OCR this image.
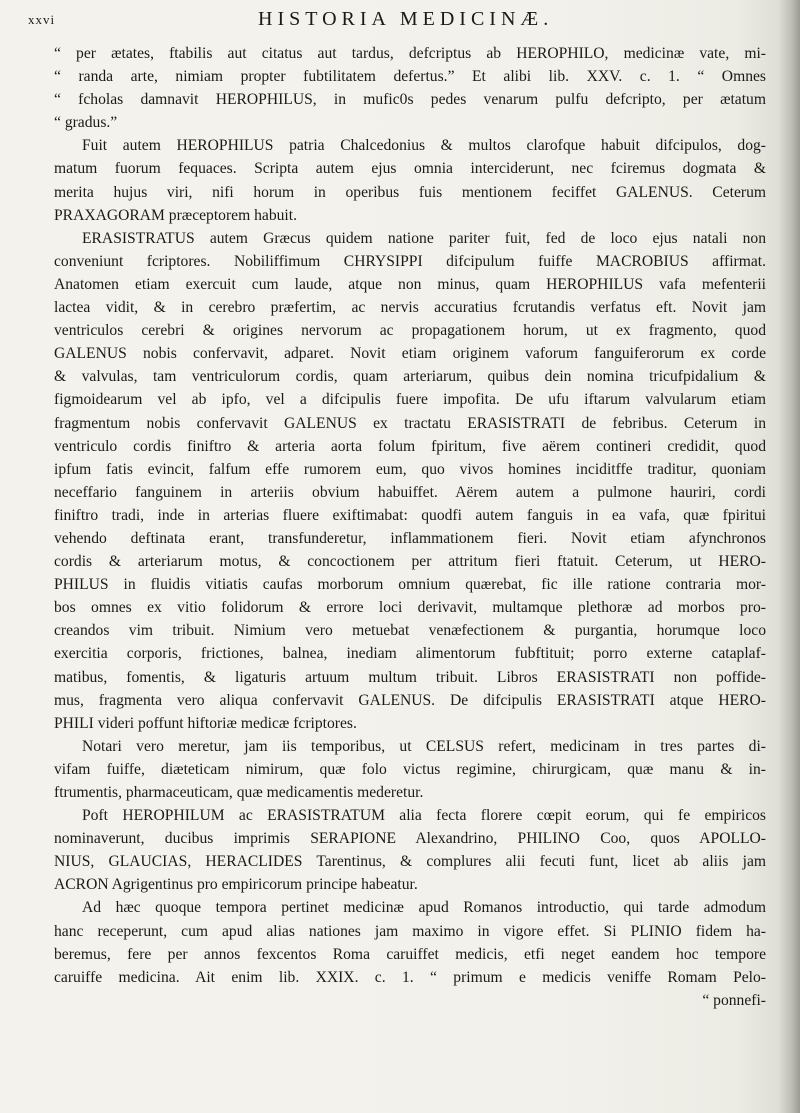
xxvi	HISTORIA MEDICINÆ.
“ per ætates, ftabilis aut citatus aut tardus, defcriptus ab HEROPHILO, medicinæ vate, mi-
“ randa arte, nimiam propter fubtilitatem defertus.” Et alibi lib. XXV. c. 1. “ Omnes
“ fcholas damnavit HEROPHILUS, in mufic0s pedes venarum pulfu defcripto, per ætatum
“ gradus.”
Fuit autem HEROPHILUS patria Chalcedonius & multos clarofque habuit difcipulos, dog-
matum fuorum fequaces. Scripta autem ejus omnia interciderunt, nec fciremus dogmata &
merita hujus viri, nifi horum in operibus fuis mentionem feciffet GALENUS. Ceterum
PRAXAGORAM præceptorem habuit.
ERASISTRATUS autem Græcus quidem natione pariter fuit, fed de loco ejus natali non
conveniunt fcriptores. Nobiliffimum CHRYSIPPI difcipulum fuiffe MACROBIUS affirmat.
Anatomen etiam exercuit cum laude, atque non minus, quam HEROPHILUS vafa mefenterii
lactea vidit, & in cerebro præfertim, ac nervis accuratius fcrutandis verfatus eft. Novit jam
ventriculos cerebri & origines nervorum ac propagationem horum, ut ex fragmento, quod
GALENUS nobis confervavit, adparet. Novit etiam originem vaforum fanguiferorum ex corde
& valvulas, tam ventriculorum cordis, quam arteriarum, quibus dein nomina tricufpidalium &
figmoidearum vel ab ipfo, vel a difcipulis fuere impofita. De ufu iftarum valvularum etiam
fragmentum nobis confervavit GALENUS ex tractatu ERASISTRATI de febribus. Ceterum in
ventriculo cordis finiftro & arteria aorta folum fpiritum, five aërem contineri credidit, quod
ipfum fatis evincit, falfum effe rumorem eum, quo vivos homines inciditffe traditur, quoniam
neceffario fanguinem in arteriis obvium habuiffet. Aërem autem a pulmone hauriri, cordi
finiftro tradi, inde in arterias fluere exiftimabat: quodfi autem fanguis in ea vafa, quæ fpiritui
vehendo deftinata erant, transfunderetur, inflammationem fieri. Novit etiam afynchronos
cordis & arteriarum motus, & concoctionem per attritum fieri ftatuit. Ceterum, ut HERO-
PHILUS in fluidis vitiatis caufas morborum omnium quærebat, fic ille ratione contraria mor-
bos omnes ex vitio folidorum & errore loci derivavit, multamque plethoræ ad morbos pro-
creandos vim tribuit. Nimium vero metuebat venæfectionem & purgantia, horumque loco
exercitia corporis, frictiones, balnea, inediam alimentorum fubftituit; porro externe cataplaf-
matibus, fomentis, & ligaturis artuum multum tribuit. Libros ERASISTRATI non poffide-
mus, fragmenta vero aliqua confervavit GALENUS. De difcipulis ERASISTRATI atque HERO-
PHILI videri poffunt hiftoriæ medicæ fcriptores.
Notari vero meretur, jam iis temporibus, ut CELSUS refert, medicinam in tres partes di-
vifam fuiffe, diæteticam nimirum, quæ folo victus regimine, chirurgicam, quæ manu & in-
ftrumentis, pharmaceuticam, quæ medicamentis mederetur.
Poft HEROPHILUM ac ERASISTRATUM alia fecta florere cœpit eorum, qui fe empiricos
nominaverunt, ducibus imprimis SERAPIONE Alexandrino, PHILINO Coo, quos APOLLO-
NIUS, GLAUCIAS, HERACLIDES Tarentinus, & complures alii fecuti funt, licet ab aliis jam
ACRON Agrigentinus pro empiricorum principe habeatur.
Ad hæc quoque tempora pertinet medicinæ apud Romanos introductio, qui tarde admodum
hanc receperunt, cum apud alias nationes jam maximo in vigore effet. Si PLINIO fidem ha-
beremus, fere per annos fexcentos Roma caruiffet medicis, etfi neget eandem hoc tempore
caruiffe medicina. Ait enim lib. XXIX. c. 1. “ primum e medicis veniffe Romam Pelo-
“ ponnefi-
